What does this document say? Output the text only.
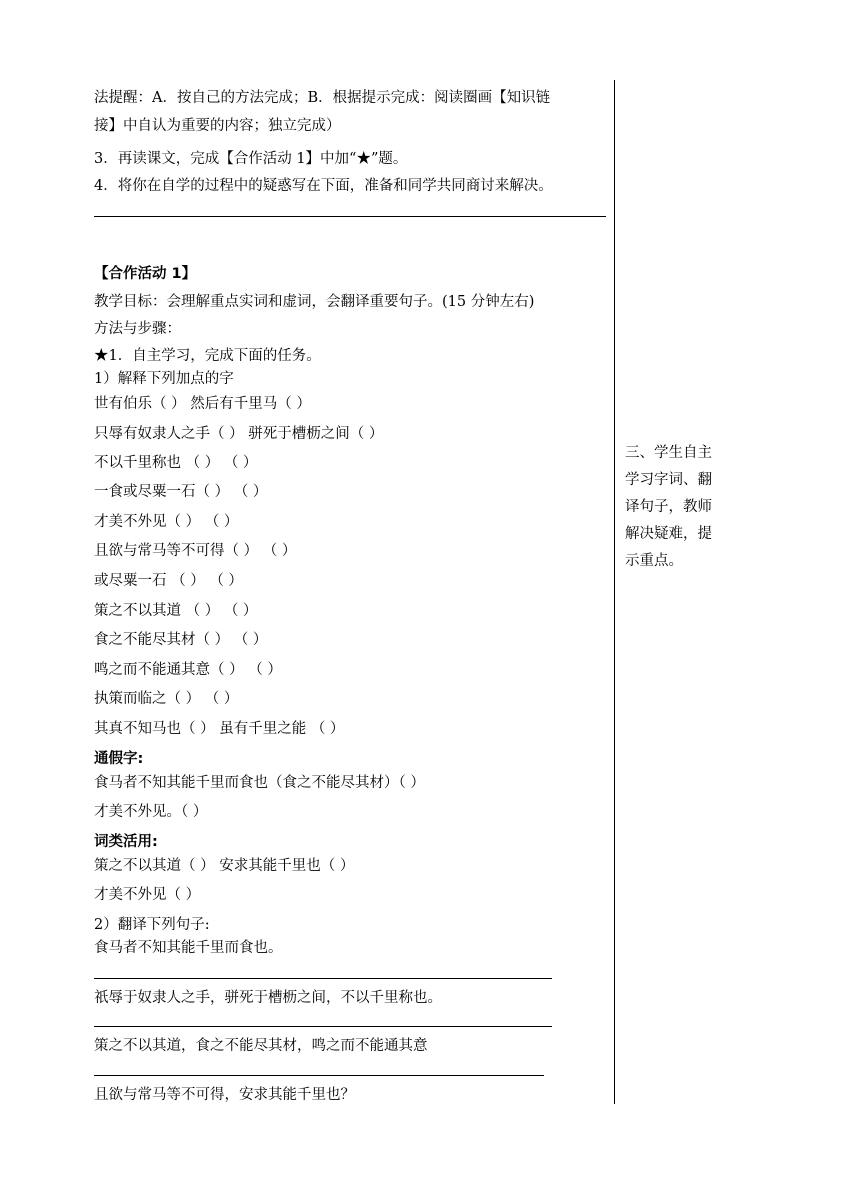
法提醒：A．按自己的方法完成；B．根据提示完成：阅读圈画【知识链
接】中自认为重要的内容；独立完成）
3．再读课文，完成【合作活动 1】中加“★”题。
4．将你在自学的过程中的疑惑写在下面，准备和同学共同商讨来解决。
【合作活动 1】
教学目标：会理解重点实词和虚词，会翻译重要句子。(15 分钟左右)
方法与步骤：
★1．自主学习，完成下面的任务。
1）解释下列加点的字
世有伯乐（ ） 然后有千里马（ ）
只辱有奴隶人之手（ ） 骈死于槽枥之间（ ）
不以千里称也 （ ） （ ）
一食或尽粟一石（ ） （ ）
才美不外见（ ） （ ）
且欲与常马等不可得（ ） （ ）
或尽粟一石 （ ） （ ）
策之不以其道 （ ） （ ）
食之不能尽其材（ ） （ ）
鸣之而不能通其意（ ） （ ）
执策而临之（ ） （ ）
其真不知马也（ ） 虽有千里之能 （ ）
通假字:
食马者不知其能千里而食也（食之不能尽其材）（ ）
才美不外见。（ ）
词类活用:
策之不以其道（ ） 安求其能千里也（ ）
才美不外见（ ）
2）翻译下列句子:
食马者不知其能千里而食也。
祇辱于奴隶人之手，骈死于槽枥之间，不以千里称也。
策之不以其道，食之不能尽其材，鸣之而不能通其意
且欲与常马等不可得，安求其能千里也？
三、学生自主学习字词、翻译句子，教师解决疑难，提示重点。
